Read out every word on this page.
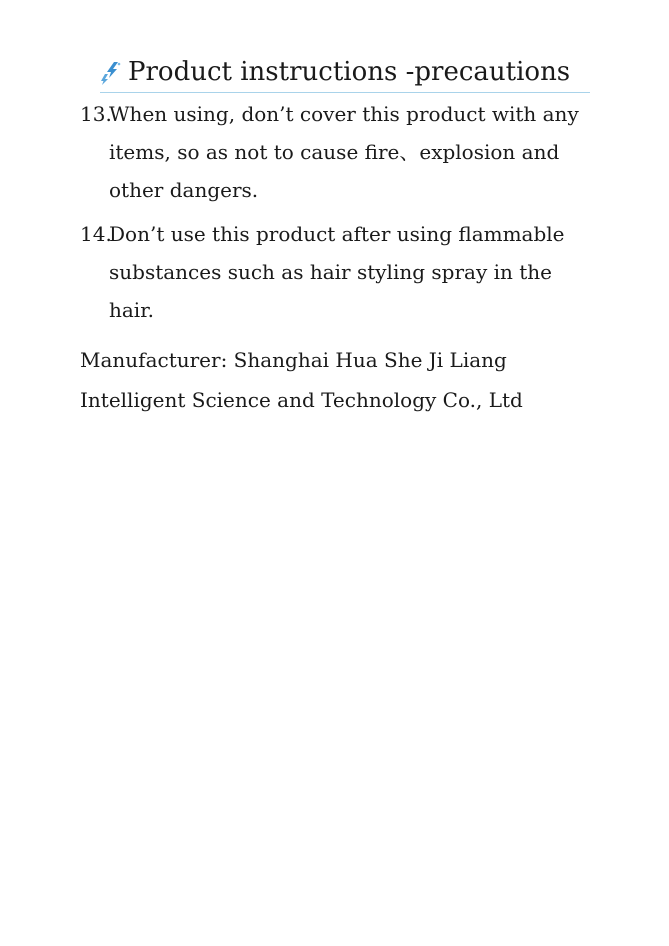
Product instructions -precautions
13.
When using, don’t cover this product with any items, so as not to cause fire、explosion and other dangers.
14.
Don’t use this product after using flammable substances such as hair styling spray in the hair.
Manufacturer: Shanghai Hua She Ji Liang Intelligent Science and Technology Co., Ltd
